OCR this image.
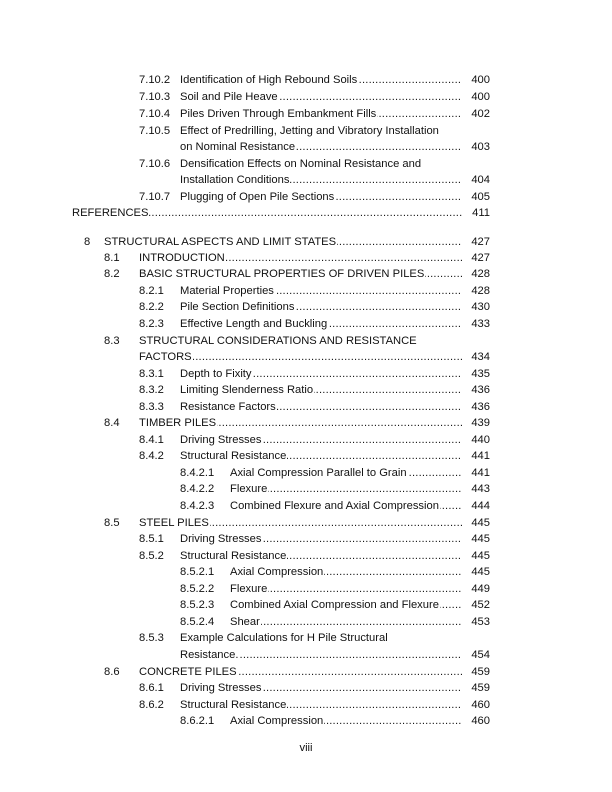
7.10.2 Identification of High Rebound Soils .....	400
7.10.3 Soil and Pile Heave .....	400
7.10.4 Piles Driven Through Embankment Fills .....	402
7.10.5 Effect of Predrilling, Jetting and Vibratory Installation
on Nominal Resistance .....	403
7.10.6 Densification Effects on Nominal Resistance and
Installation Conditions .....	404
7.10.7 Plugging of Open Pile Sections .....	405
REFERENCES .....	411
8 STRUCTURAL ASPECTS AND LIMIT STATES .....	427
8.1 INTRODUCTION .....	427
8.2 BASIC STRUCTURAL PROPERTIES OF DRIVEN PILES .....	428
8.2.1 Material Properties .....	428
8.2.2 Pile Section Definitions .....	430
8.2.3 Effective Length and Buckling .....	433
8.3 STRUCTURAL CONSIDERATIONS AND RESISTANCE
FACTORS .....	434
8.3.1 Depth to Fixity .....	435
8.3.2 Limiting Slenderness Ratio .....	436
8.3.3 Resistance Factors .....	436
8.4 TIMBER PILES .....	439
8.4.1 Driving Stresses .....	440
8.4.2 Structural Resistance .....	441
8.4.2.1 Axial Compression Parallel to Grain .....	441
8.4.2.2 Flexure .....	443
8.4.2.3 Combined Flexure and Axial Compression .....	444
8.5 STEEL PILES .....	445
8.5.1 Driving Stresses .....	445
8.5.2 Structural Resistance .....	445
8.5.2.1 Axial Compression .....	445
8.5.2.2 Flexure .....	449
8.5.2.3 Combined Axial Compression and Flexure .....	452
8.5.2.4 Shear .....	453
8.5.3 Example Calculations for H Pile Structural
Resistance. .....	454
8.6 CONCRETE PILES .....	459
8.6.1 Driving Stresses .....	459
8.6.2 Structural Resistance .....	460
8.6.2.1 Axial Compression .....	460
viii
